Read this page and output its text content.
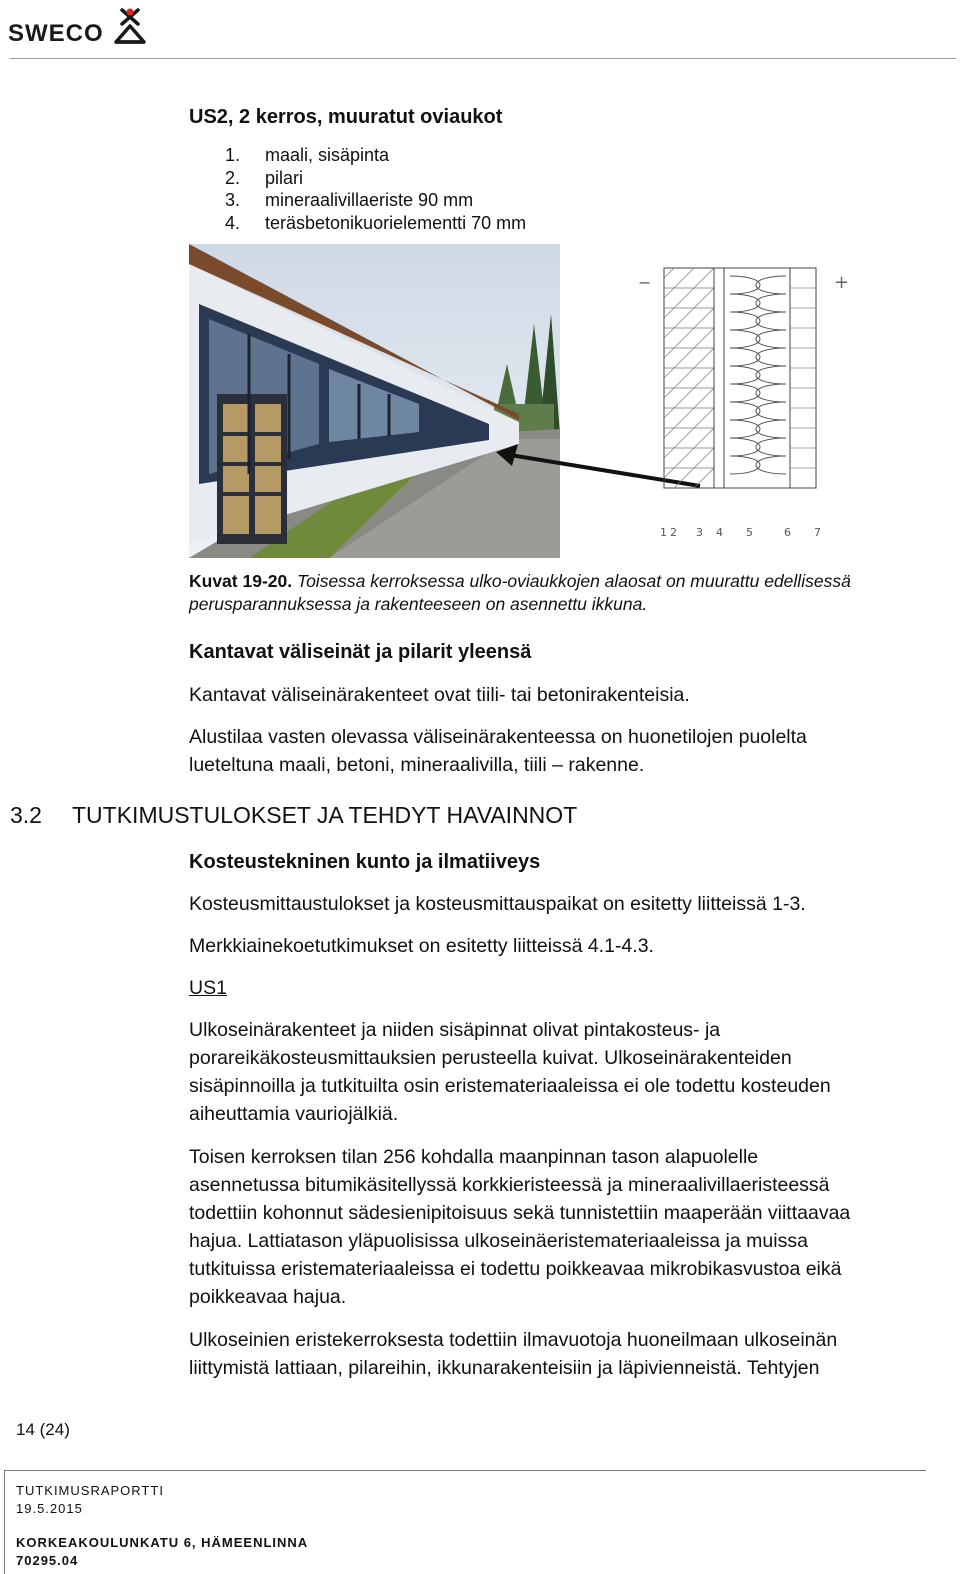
SWECO
US2, 2 kerros, muuratut oviaukot
1.	maali, sisäpinta
2.	pilari
3.	mineraalivillaeriste 90 mm
4.	teräsbetonikuorielementti 70 mm
−	+
1 2 3 4 5	6 7
Kuvat 19-20. Toisessa kerroksessa ulko-oviaukkojen alaosat on muurattu edellisessä
perusparannuksessa ja rakenteeseen on asennettu ikkuna.
Kantavat väliseinät ja pilarit yleensä
Kantavat väliseinärakenteet ovat tiili- tai betonirakenteisia.
Alustilaa vasten olevassa väliseinärakenteessa on huonetilojen puolelta
lueteltuna maali, betoni, mineraalivilla, tiili – rakenne.
3.2 TUTKIMUSTULOKSET JA TEHDYT HAVAINNOT
Kosteustekninen kunto ja ilmatiiveys
Kosteusmittaustulokset ja kosteusmittauspaikat on esitetty liitteissä 1-3.
Merkkiainekoetutkimukset on esitetty liitteissä 4.1-4.3.
US1
Ulkoseinärakenteet ja niiden sisäpinnat olivat pintakosteus- ja
porareikäkosteusmittauksien perusteella kuivat. Ulkoseinärakenteiden
sisäpinnoilla ja tutkituilta osin eristemateriaaleissa ei ole todettu kosteuden
aiheuttamia vauriojälkiä.
Toisen kerroksen tilan 256 kohdalla maanpinnan tason alapuolelle
asennetussa bitumikäsitellyssä korkkieristeessä ja mineraalivillaeristeessä
todettiin kohonnut sädesienipitoisuus sekä tunnistettiin maaperään viittaavaa
hajua. Lattiatason yläpuolisissa ulkoseinäeristemateriaaleissa ja muissa
tutkituissa eristemateriaaleissa ei todettu poikkeavaa mikrobikasvustoa eikä
poikkeavaa hajua.
Ulkoseinien eristekerroksesta todettiin ilmavuotoja huoneilmaan ulkoseinän
liittymistä lattiaan, pilareihin, ikkunarakenteisiin ja läpivienneistä. Tehtyjen
14 (24)
TUTKIMUSRAPORTTI
19.5.2015
KORKEAKOULUNKATU 6, HÄMEENLINNA
70295.04
